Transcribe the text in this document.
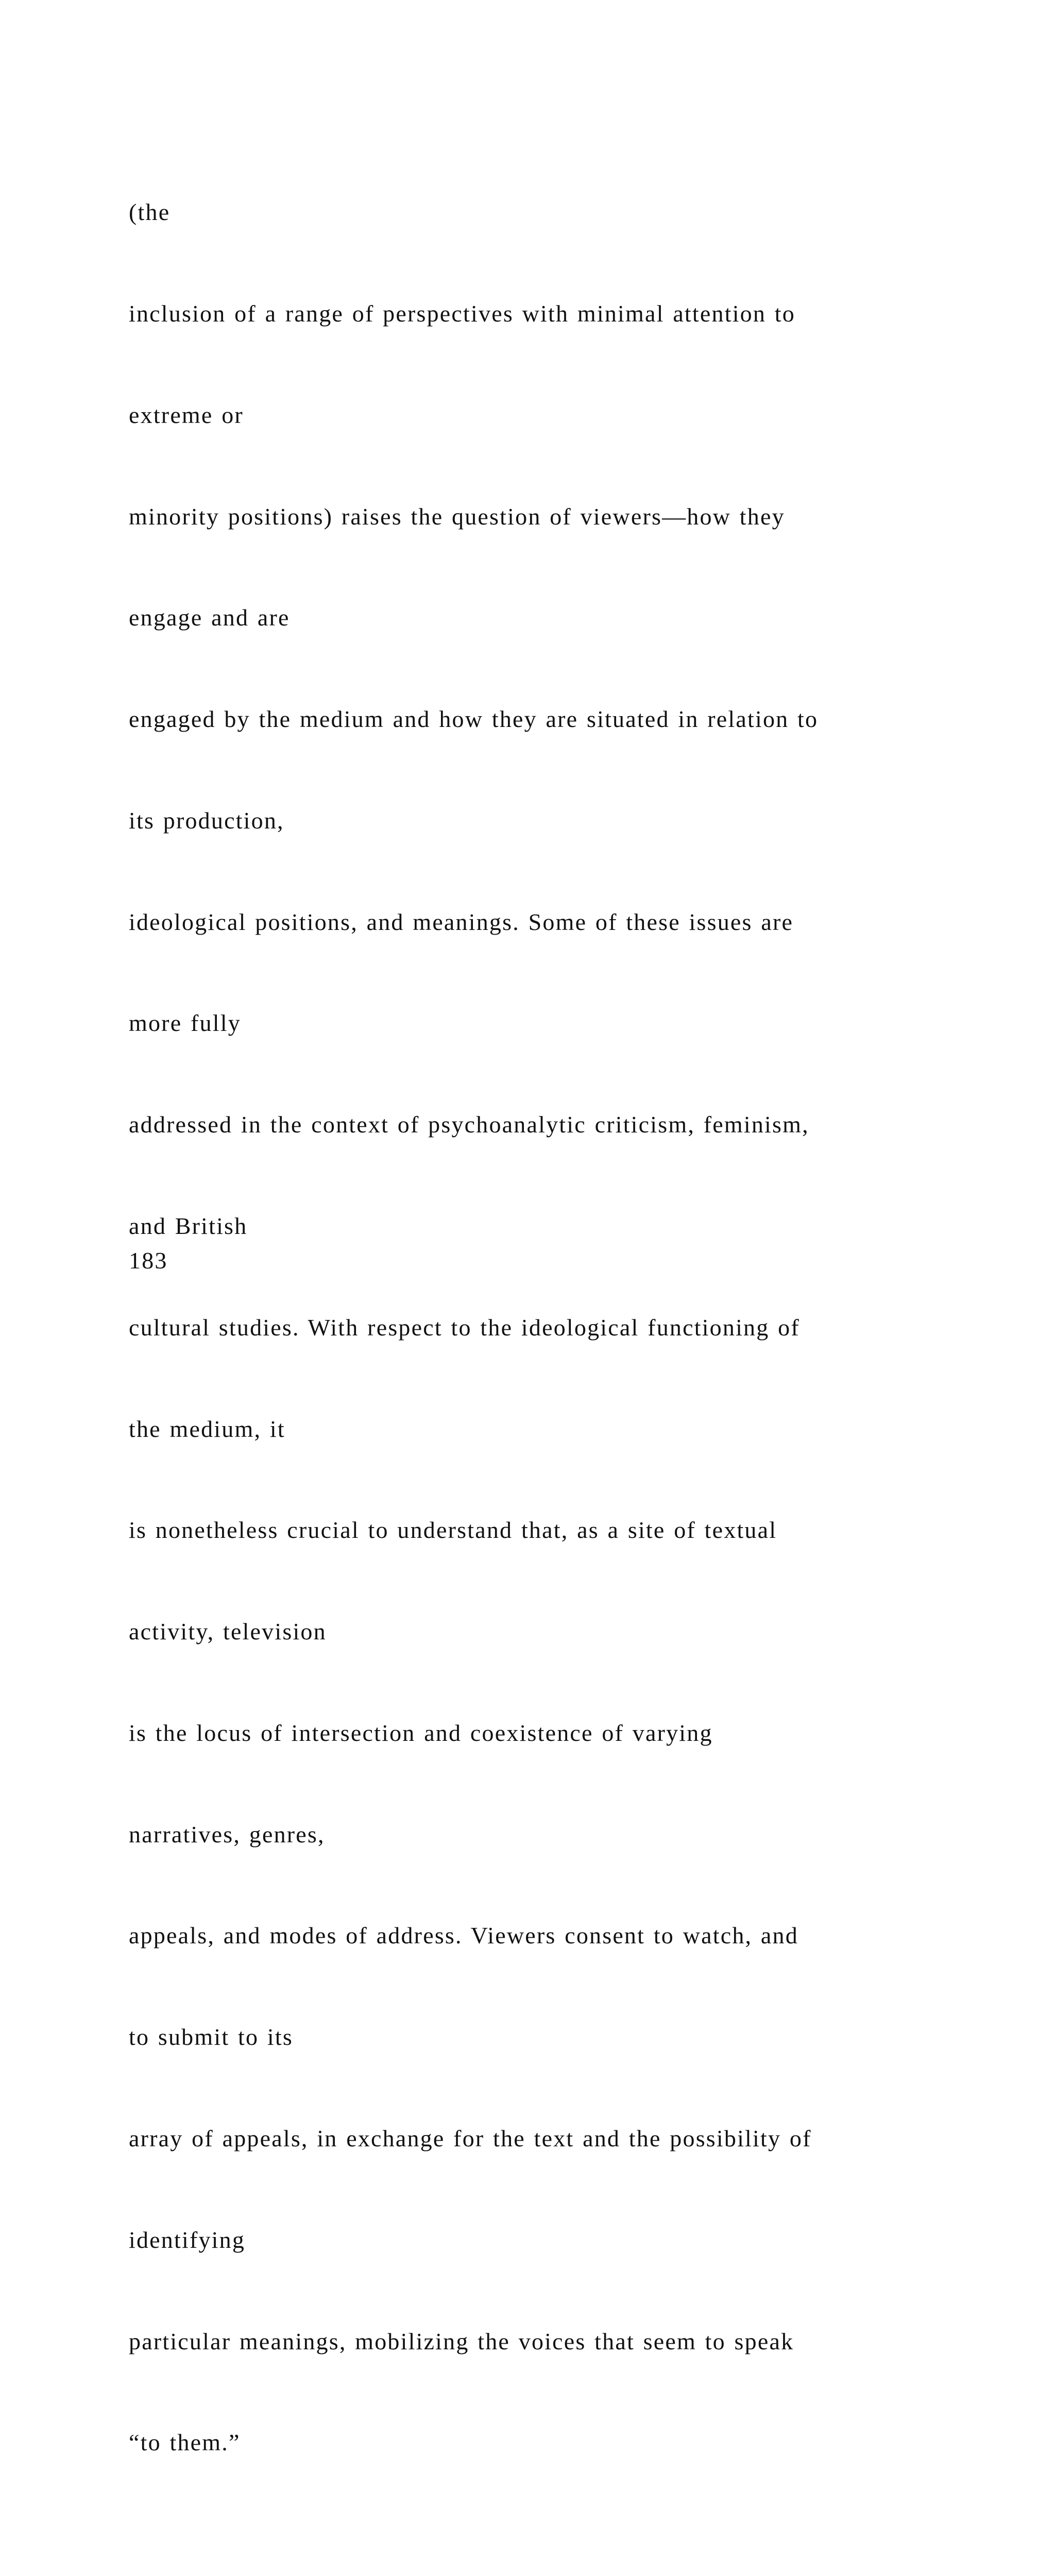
(the

inclusion of a range of perspectives with minimal attention to

extreme or

minority positions) raises the question of viewers—how they

engage and are

engaged by the medium and how they are situated in relation to

its production,

ideological positions, and meanings. Some of these issues are

more fully

addressed in the context of psychoanalytic criticism, feminism,

and British

cultural studies. With respect to the ideological functioning of

the medium, it

is nonetheless crucial to understand that, as a site of textual

activity, television

is the locus of intersection and coexistence of varying

narratives, genres,

appeals, and modes of address. Viewers consent to watch, and

to submit to its

array of appeals, in exchange for the text and the possibility of

identifying

particular meanings, mobilizing the voices that seem to speak

“to them.”

183
